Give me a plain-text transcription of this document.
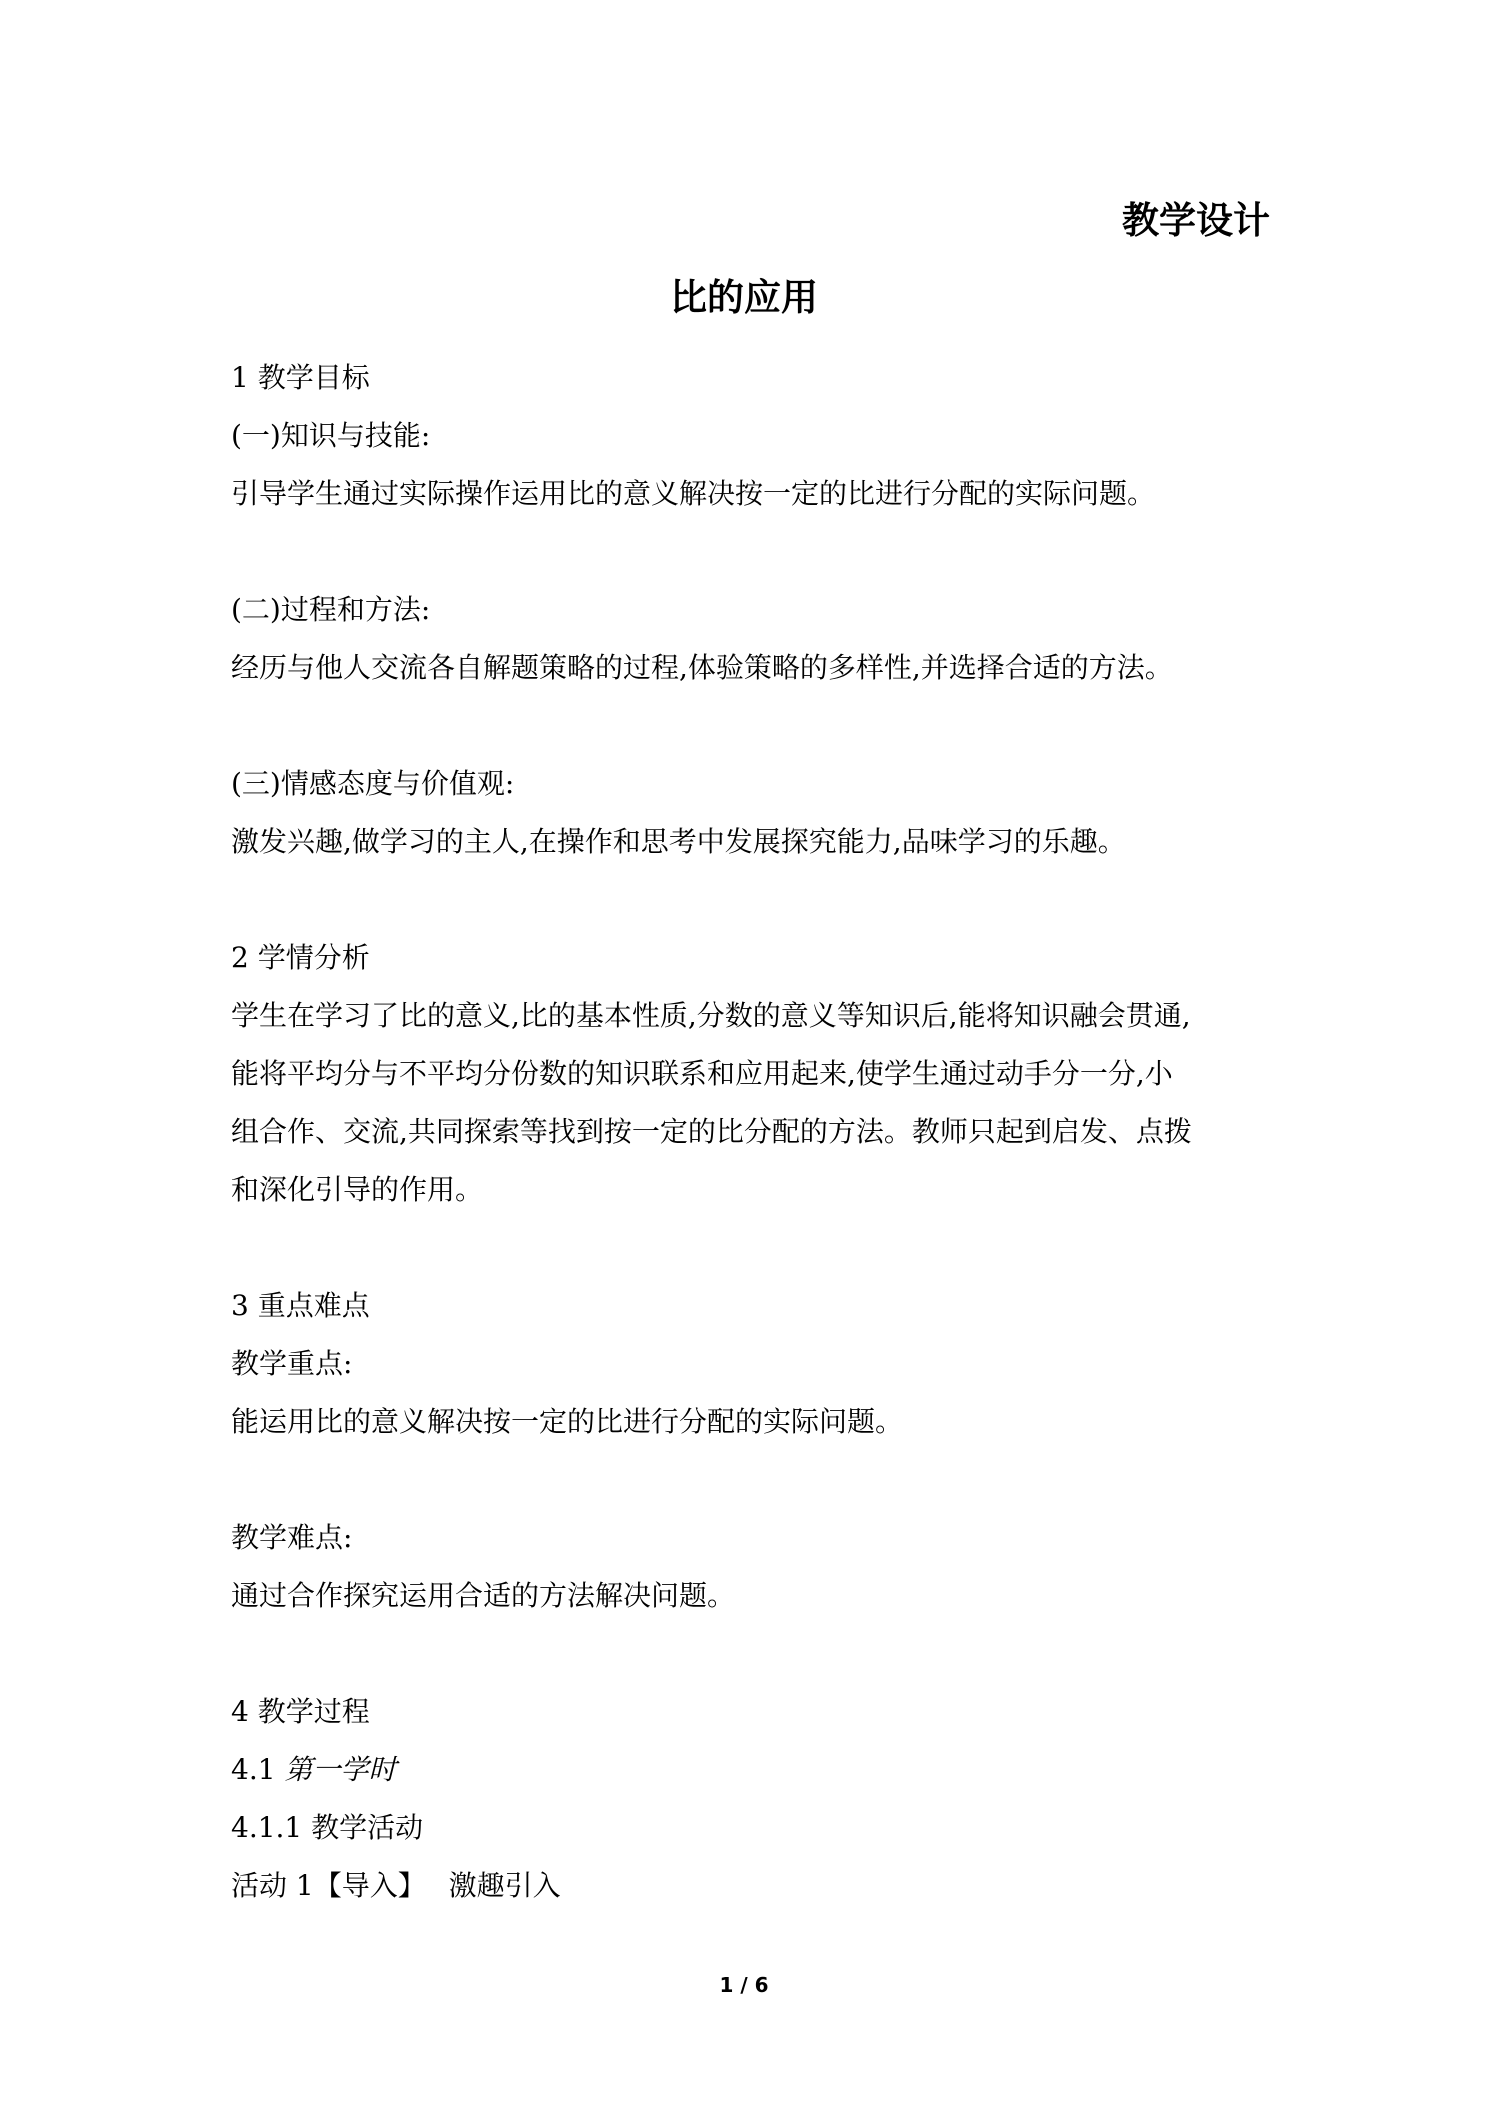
教学设计
比的应用
1 教学目标
(一)知识与技能:
引导学生通过实际操作运用比的意义解决按一定的比进行分配的实际问题。
(二)过程和方法:
经历与他人交流各自解题策略的过程,体验策略的多样性,并选择合适的方法。
(三)情感态度与价值观:
激发兴趣,做学习的主人,在操作和思考中发展探究能力,品味学习的乐趣。
2 学情分析
学生在学习了比的意义,比的基本性质,分数的意义等知识后,能将知识融会贯通,
能将平均分与不平均分份数的知识联系和应用起来,使学生通过动手分一分,小
组合作、交流,共同探索等找到按一定的比分配的方法。教师只起到启发、点拨
和深化引导的作用。
3 重点难点
教学重点:
能运用比的意义解决按一定的比进行分配的实际问题。
教学难点:
通过合作探究运用合适的方法解决问题。
4 教学过程
4.1 第一学时
4.1.1 教学活动
活动 1【导入】　 激趣引入
1 / 6
